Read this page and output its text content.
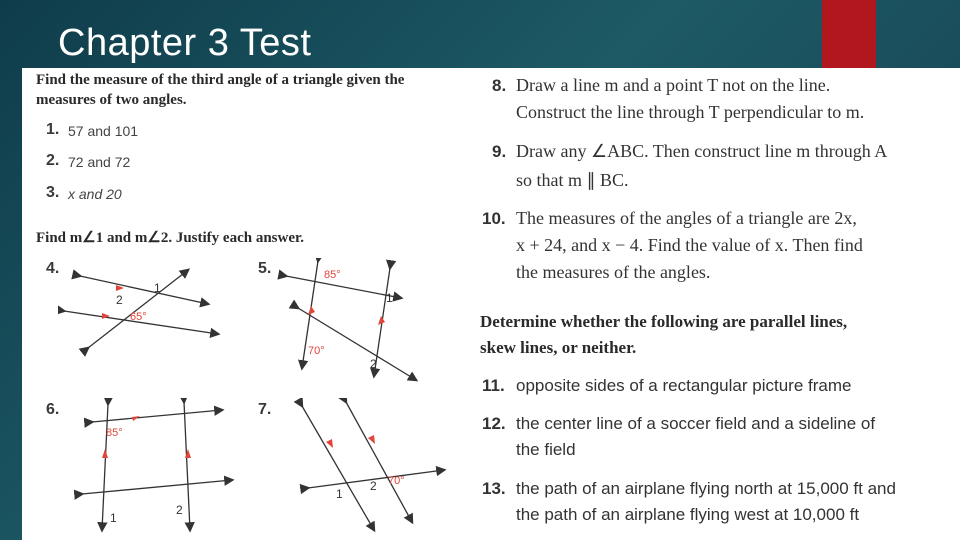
Chapter 3 Test
Find the measure of the third angle of a triangle given the measures of two angles.
1. 57 and 101
2. 72 and 72
3. x and 20
Find m∠1 and m∠2. Justify each answer.
4.	5.
6.	7.
1
2
65°
85°
1
70°
2
85°
1
2
1
2 70°
8. Draw a line m and a point T not on the line.
Construct the line through T perpendicular to m.
9. Draw any ∠ABC. Then construct line m through A
so that m ∥ BC.
10. The measures of the angles of a triangle are 2x,
x + 24, and x − 4. Find the value of x. Then find
the measures of the angles.
Determine whether the following are parallel lines,
skew lines, or neither.
11. opposite sides of a rectangular picture frame
12. the center line of a soccer field and a sideline of
the field
13. the path of an airplane flying north at 15,000 ft and
the path of an airplane flying west at 10,000 ft
